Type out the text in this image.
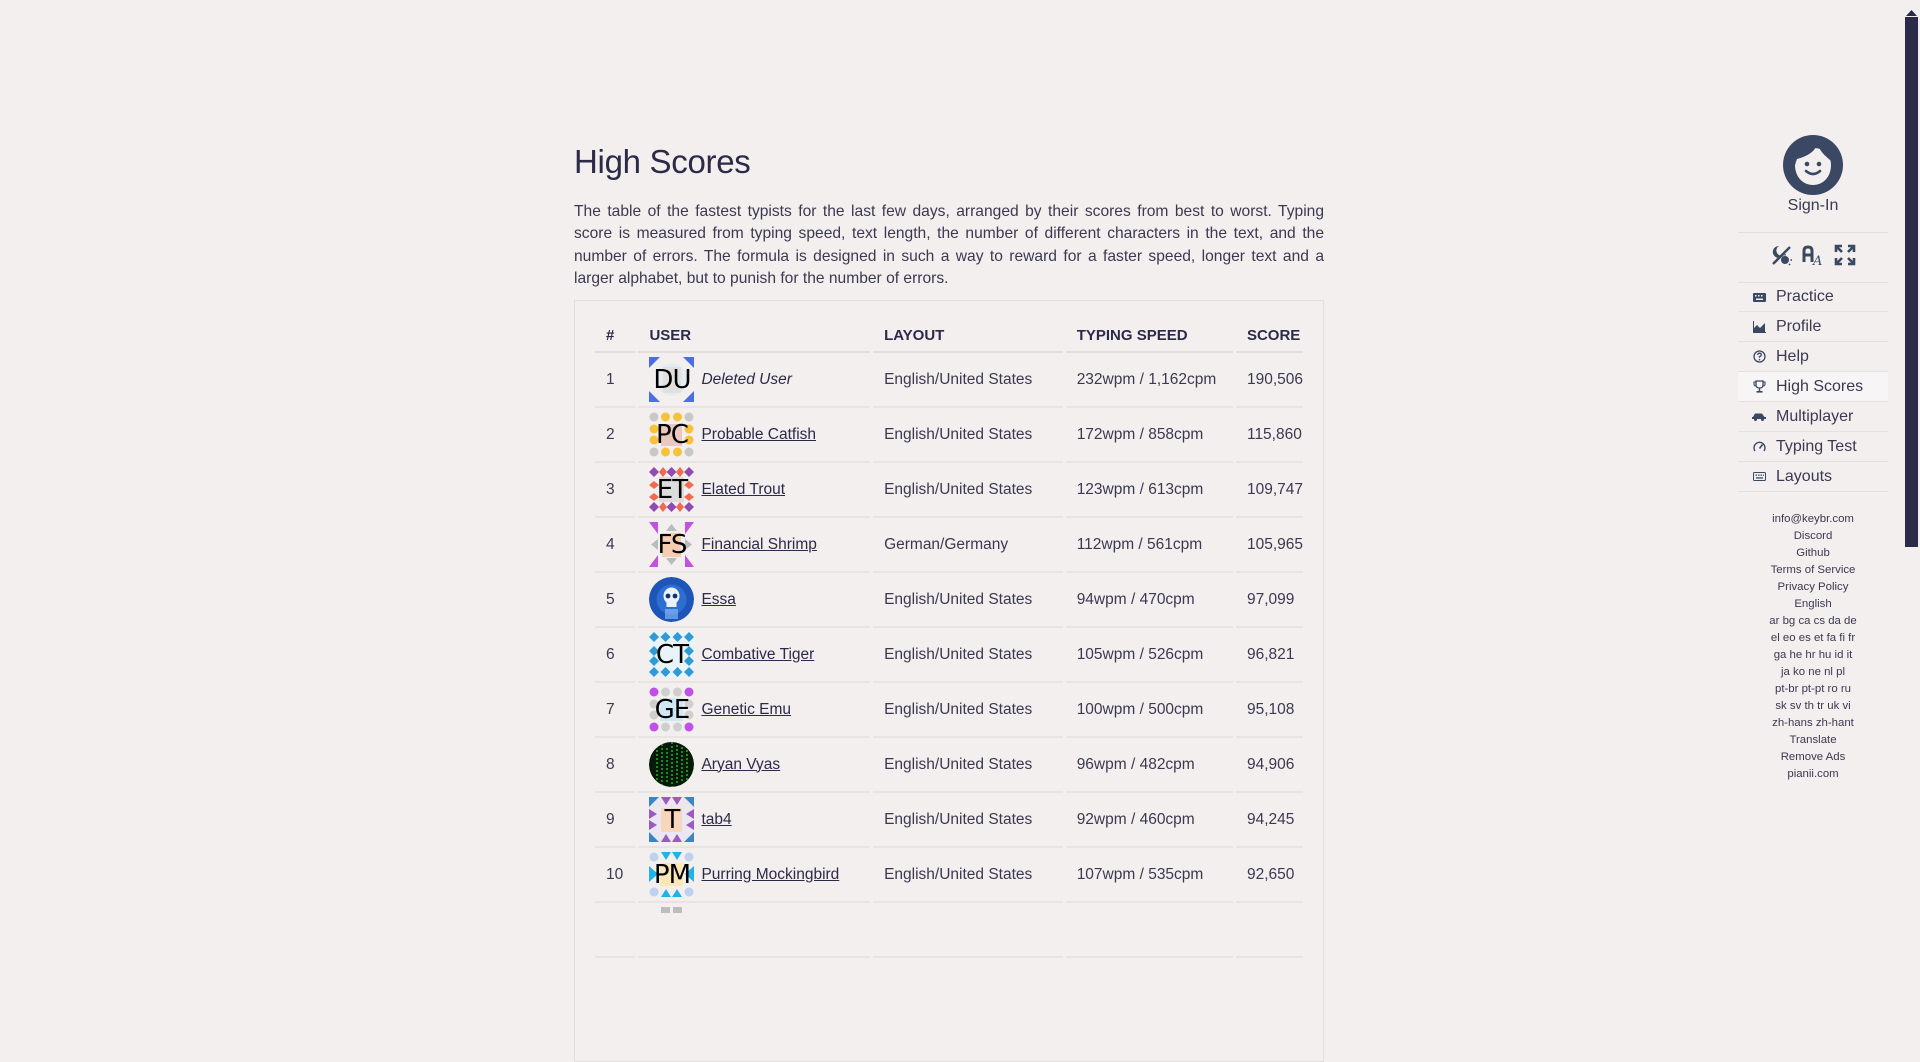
High Scores

The table of the fastest typists for the last few days, arranged by their scores from best to worst. Typing score is measured from typing speed, text length, the number of different characters in the text, and the number of errors. The formula is designed in such a way to reward for a faster speed, longer text and a larger alphabet, but to punish for the number of errors.

#	USER	LAYOUT	TYPING SPEED	SCORE
1	DU Deleted User	English/United States	232wpm / 1,162cpm	190,506
2	PC Probable Catfish	English/United States	172wpm / 858cpm	115,860
3	ET Elated Trout	English/United States	123wpm / 613cpm	109,747
4	FS Financial Shrimp	German/Germany	112wpm / 561cpm	105,965
5	Essa	English/United States	94wpm / 470cpm	97,099
6	CT Combative Tiger	English/United States	105wpm / 526cpm	96,821
7	GE Genetic Emu	English/United States	100wpm / 500cpm	95,108
8	Aryan Vyas	English/United States	96wpm / 482cpm	94,906
9	T tab4	English/United States	92wpm / 460cpm	94,245
10	PM Purring Mockingbird	English/United States	107wpm / 535cpm	92,650

Sign-In
A
Practice
Profile
Help
High Scores
Multiplayer
Typing Test
Layouts
info@keybr.com
Discord
Github
Terms of Service
Privacy Policy
English
ar bg ca cs da de
el eo es et fa fi fr
ga he hr hu id it
ja ko ne nl pl
pt-br pt-pt ro ru
sk sv th tr uk vi
zh-hans zh-hant
Translate
Remove Ads
pianii.com
